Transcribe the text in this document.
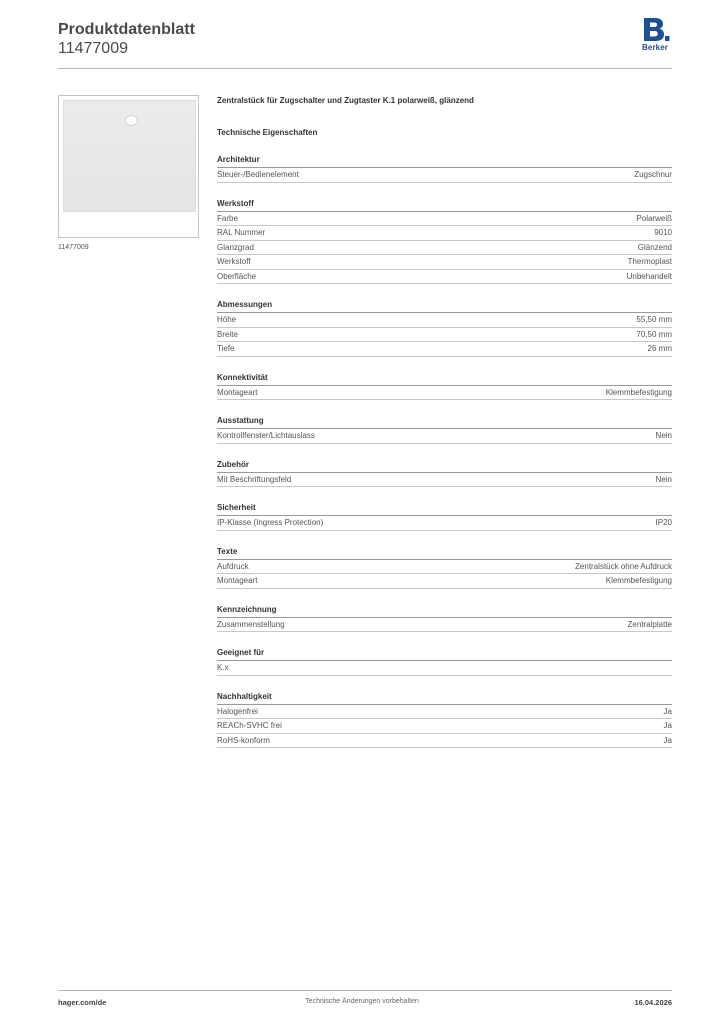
Produktdatenblatt
11477009	Berker
11477009
Zentralstück für Zugschalter und Zugtaster K.1 polarweiß, glänzend
Technische Eigenschaften
Architektur
Steuer-/Bedienelement	Zugschnur
Werkstoff
Farbe	Polarweiß
RAL Nummer	9010
Glanzgrad	Glänzend
Werkstoff	Thermoplast
Oberfläche	Unbehandelt
Abmessungen
Höhe	55,50 mm
Breite	70,50 mm
Tiefe	26 mm
Konnektivität
Montageart	Klemmbefestigung
Ausstattung
Kontrollfenster/Lichtauslass	Nein
Zubehör
Mit Beschriftungsfeld	Nein
Sicherheit
IP-Klasse (Ingress Protection)	IP20
Texte
Aufdruck	Zentralstück ohne Aufdruck
Montageart	Klemmbefestigung
Kennzeichnung
Zusammenstellung	Zentralplatte
Geeignet für
K.x
Nachhaltigkeit
Halogenfrei	Ja
REACh-SVHC frei	Ja
RoHS-konform	Ja
hager.com/de	Technische Änderungen vorbehalten	16.04.2026
